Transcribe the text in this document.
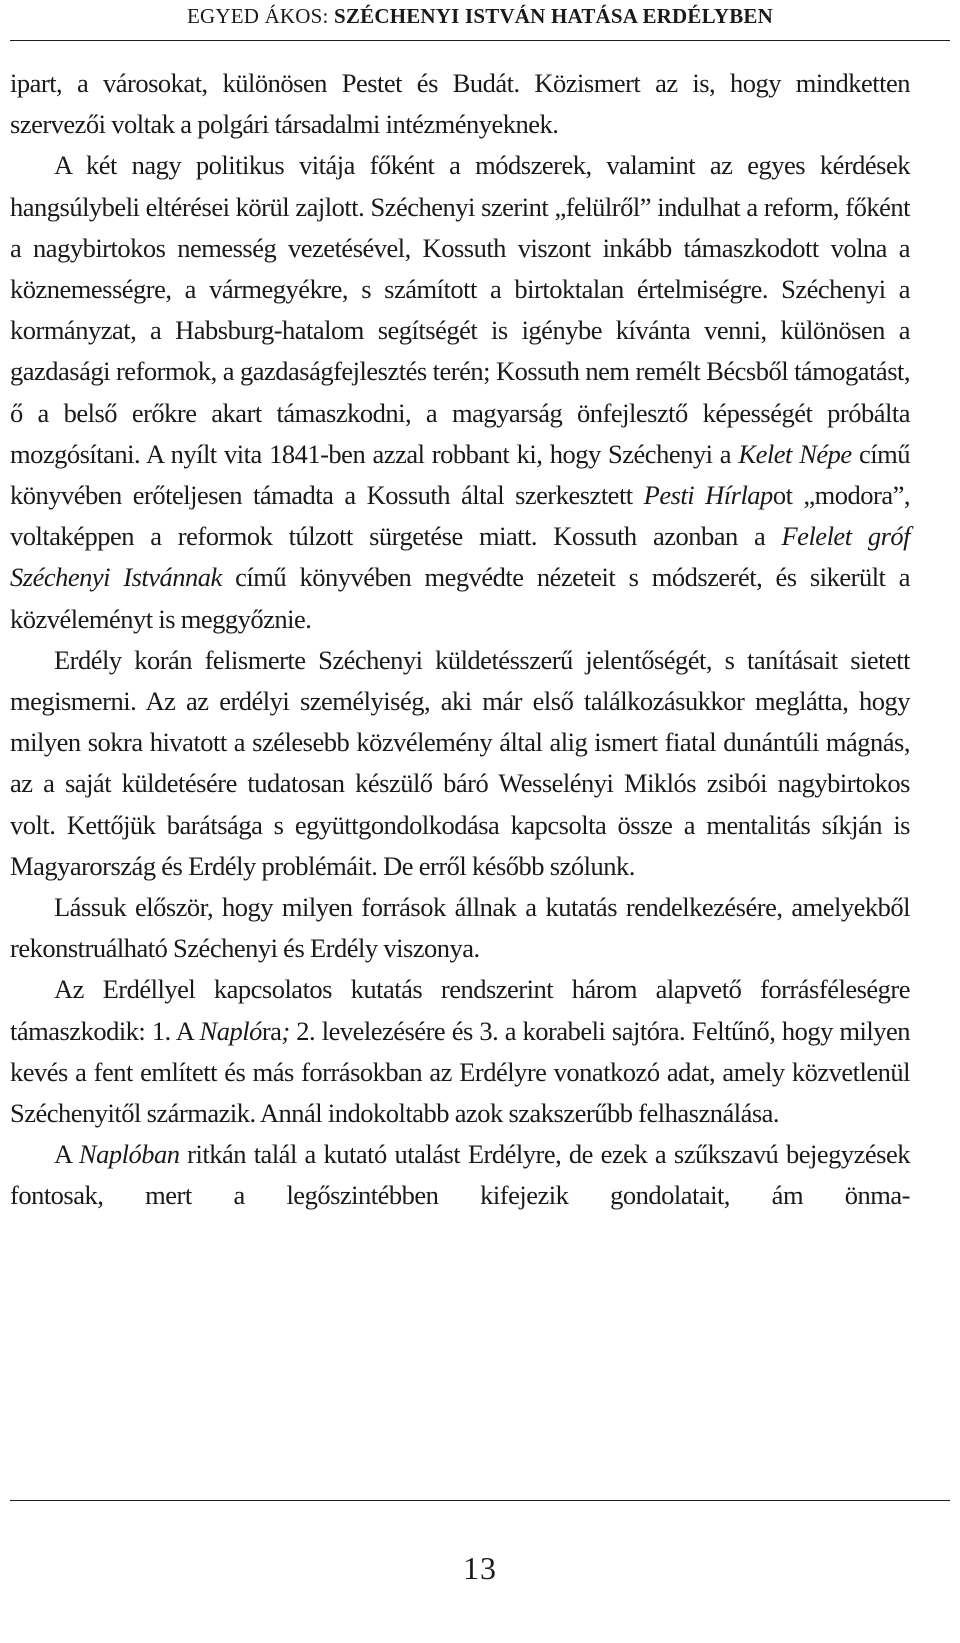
EGYED ÁKOS: SZÉCHENYI ISTVÁN HATÁSA ERDÉLYBEN

ipart, a városokat, különösen Pestet és Budát. Közismert az is, hogy mindketten szervezői voltak a polgári társadalmi intézményeknek.

A két nagy politikus vitája főként a módszerek, valamint az egyes kérdések hangsúlybeli eltérései körül zajlott. Széchenyi szerint „felülről” indulhat a reform, főként a nagybirtokos nemesség vezetésével, Kossuth viszont inkább támaszkodott volna a köznemességre, a vármegyékre, s számított a birtoktalan értelmiségre. Széchenyi a kormányzat, a Habsburg-hatalom segítségét is igénybe kívánta venni, különösen a gazdasági reformok, a gazdaságfejlesztés terén; Kossuth nem remélt Bécsből támogatást, ő a belső erőkre akart támaszkodni, a magyarság önfejlesztő képességét próbálta mozgósítani. A nyílt vita 1841-ben azzal robbant ki, hogy Széchenyi a Kelet Népe című könyvében erőteljesen támadta a Kossuth által szerkesztett Pesti Hírlapot „modora”, voltaképpen a reformok túlzott sürgetése miatt. Kossuth azonban a Felelet gróf Széchenyi Istvánnak című könyvében megvédte nézeteit s módszerét, és sikerült a közvéleményt is meggyőznie.

Erdély korán felismerte Széchenyi küldetésszerű jelentőségét, s tanításait sietett megismerni. Az az erdélyi személyiség, aki már első találkozásukkor meglátta, hogy milyen sokra hivatott a szélesebb közvélemény által alig ismert fiatal dunántúli mágnás, az a saját küldetésére tudatosan készülő báró Wesselényi Miklós zsibói nagybirtokos volt. Kettőjük barátsága s együttgondolkodása kapcsolta össze a mentalitás síkján is Magyarország és Erdély problémáit. De erről később szólunk.

Lássuk először, hogy milyen források állnak a kutatás rendelkezésére, amelyekből rekonstruálható Széchenyi és Erdély viszonya.

Az Erdéllyel kapcsolatos kutatás rendszerint három alapvető forrásféleségre támaszkodik: 1. A Naplóra; 2. levelezésére és 3. a korabeli sajtóra. Feltűnő, hogy milyen kevés a fent említett és más forrásokban az Erdélyre vonatkozó adat, amely közvetlenül Széchenyitől származik. Annál indokoltabb azok szakszerűbb felhasználása.

A Naplóban ritkán talál a kutató utalást Erdélyre, de ezek a szűkszavú bejegyzések fontosak, mert a legőszintébben kifejezik gondolatait, ám önma-

13
